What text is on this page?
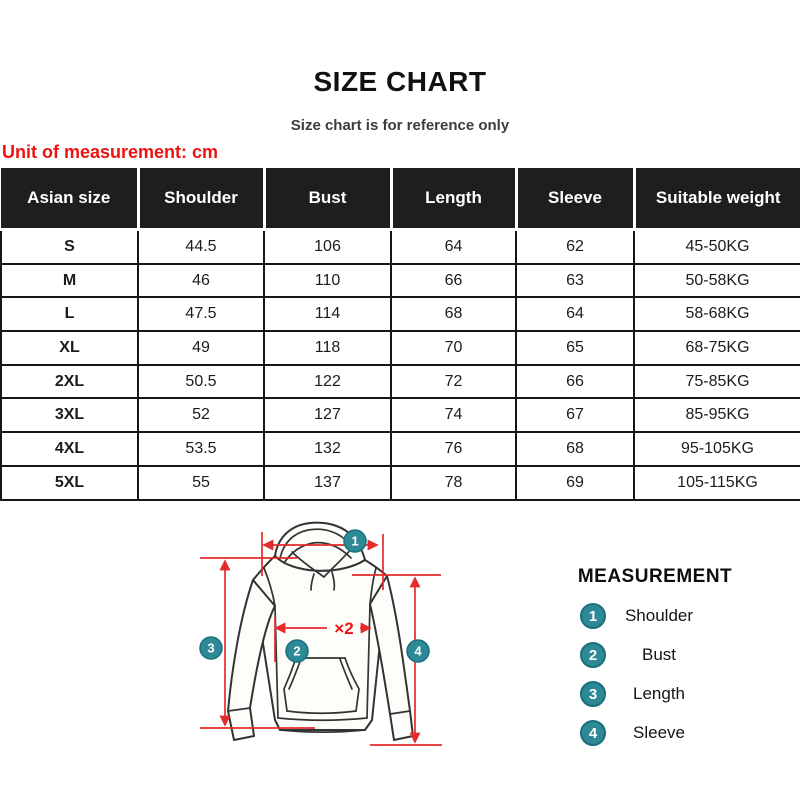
SIZE CHART
Size chart is for reference only
Unit of measurement: cm
Asian size	Shoulder	Bust	Length	Sleeve	Suitable weight
S	44.5	106	64	62	45-50KG
M	46	110	66	63	50-58KG
L	47.5	114	68	64	58-68KG
XL	49	118	70	65	68-75KG
2XL	50.5	122	72	66	75-85KG
3XL	52	127	74	67	85-95KG
4XL	53.5	132	76	68	95-105KG
5XL	55	137	78	69	105-115KG
×2
1
2
3	4
MEASUREMENT
1	Shoulder
2	Bust
3	Length
4	Sleeve
